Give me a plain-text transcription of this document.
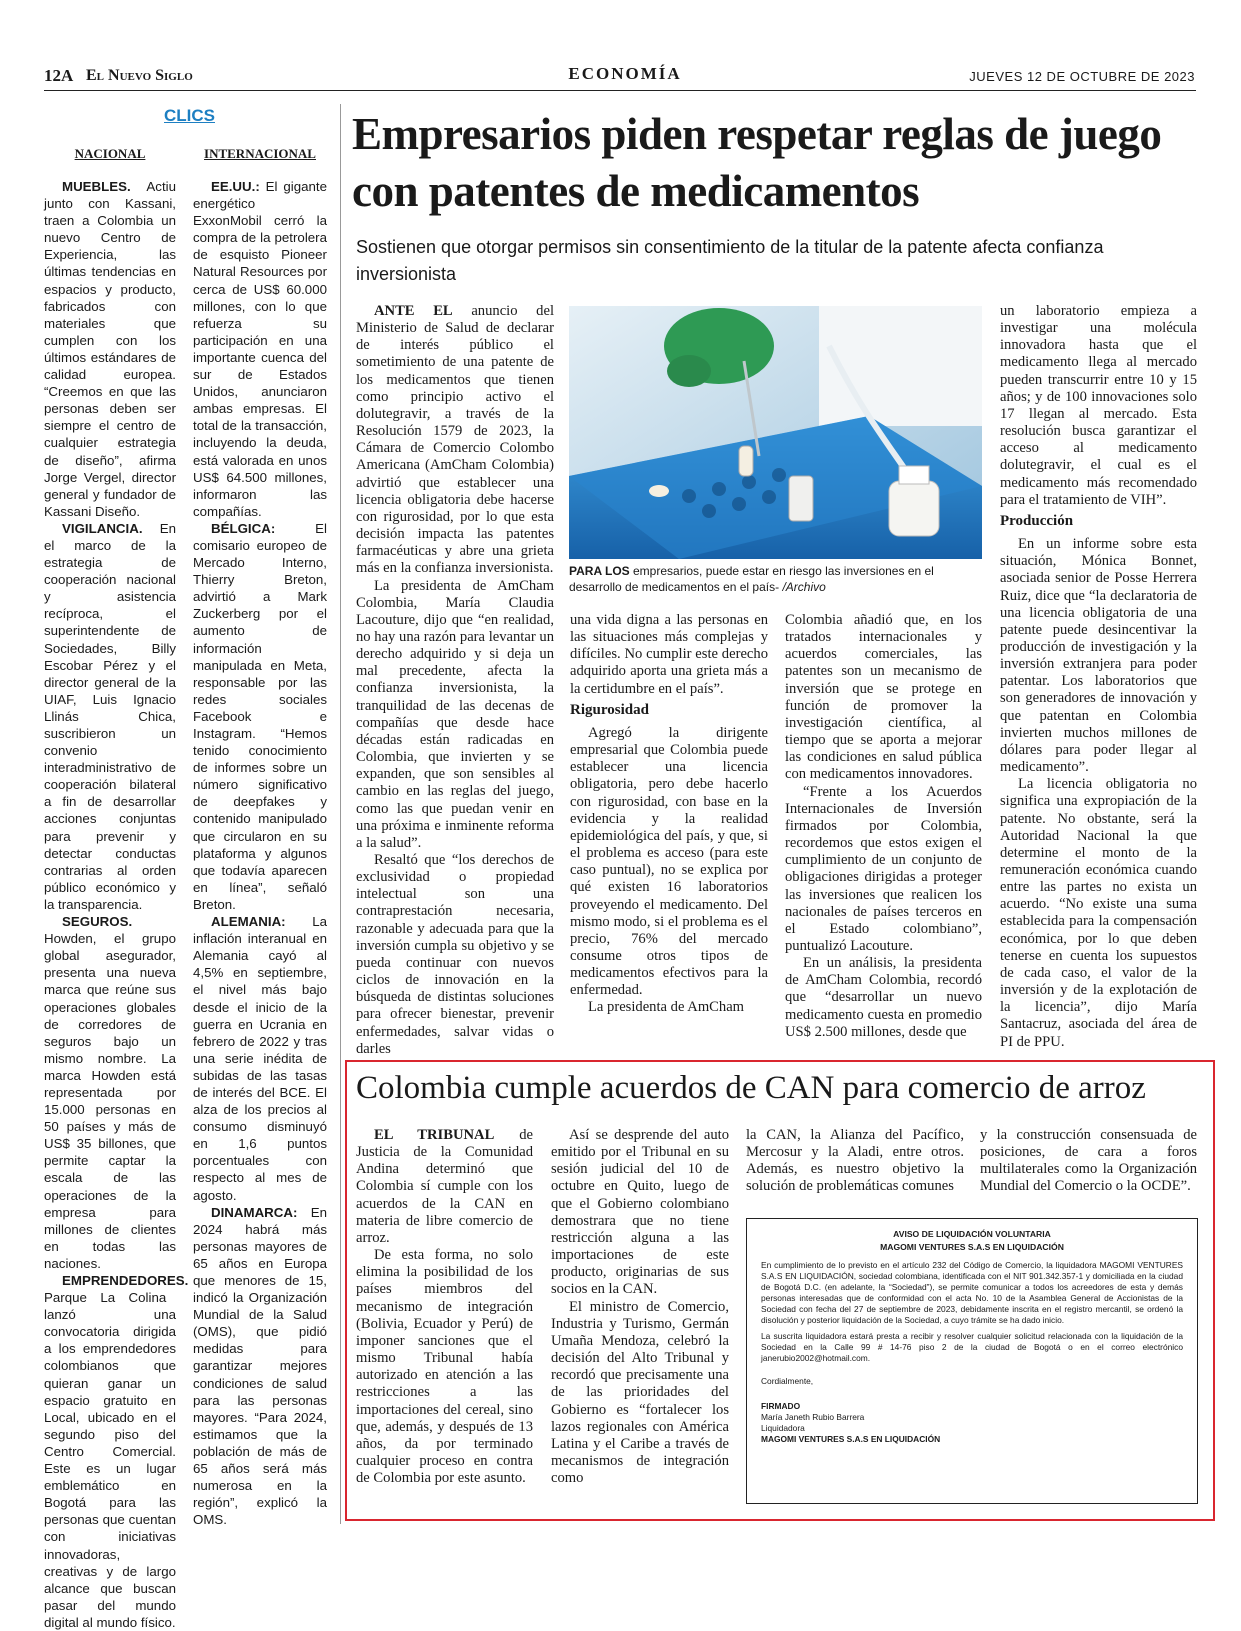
12A El Nuevo Siglo	ECONOMÍA	JUEVES 12 DE OCTUBRE DE 2023
CLICS
NACIONAL	INTERNACIONAL

MUEBLES. Actiu junto con Kassani, traen a Colombia un nuevo Centro de Experiencia, las últimas tendencias en espacios y producto, fabricados con materiales que cumplen con los últimos estándares de calidad europea. “Creemos en que las personas deben ser siempre el centro de cualquier estrategia de diseño”, afirma Jorge Vergel, director general y fundador de Kassani Diseño.

VIGILANCIA. En el marco de la estrategia de cooperación nacional y asistencia recíproca, el superintendente de Sociedades, Billy Escobar Pérez y el director general de la UIAF, Luis Ignacio Llinás Chica, suscribieron un convenio interadministrativo de cooperación bilateral a fin de desarrollar acciones conjuntas para prevenir y detectar conductas contrarias al orden público económico y la transparencia.

SEGUROS. Howden, el grupo global asegurador, presenta una nueva marca que reúne sus operaciones globales de corredores de seguros bajo un mismo nombre. La marca Howden está representada por 15.000 personas en 50 países y más de US$ 35 billones, que permite captar la escala de las operaciones de la empresa para millones de clientes en todas las naciones.

EMPRENDEDORES. Parque La Colina lanzó una convocatoria dirigida a los emprendedores colombianos que quieran ganar un espacio gratuito en Local, ubicado en el segundo piso del Centro Comercial. Este es un lugar emblemático en Bogotá para las personas que cuentan con iniciativas innovadoras, creativas y de largo alcance que buscan pasar del mundo digital al mundo físico.

EE.UU.: El gigante energético ExxonMobil cerró la compra de la petrolera de esquisto Pioneer Natural Resources por cerca de US$ 60.000 millones, con lo que refuerza su participación en una importante cuenca del sur de Estados Unidos, anunciaron ambas empresas. El total de la transacción, incluyendo la deuda, está valorada en unos US$ 64.500 millones, informaron las compañías.

BÉLGICA: El comisario europeo de Mercado Interno, Thierry Breton, advirtió a Mark Zuckerberg por el aumento de información manipulada en Meta, responsable por las redes sociales Facebook e Instagram. “Hemos tenido conocimiento de informes sobre un número significativo de deepfakes y contenido manipulado que circularon en su plataforma y algunos que todavía aparecen en línea”, señaló Breton.

ALEMANIA: La inflación interanual en Alemania cayó al 4,5% en septiembre, el nivel más bajo desde el inicio de la guerra en Ucrania en febrero de 2022 y tras una serie inédita de subidas de las tasas de interés del BCE. El alza de los precios al consumo disminuyó en 1,6 puntos porcentuales con respecto al mes de agosto.

DINAMARCA: En 2024 habrá más personas mayores de 65 años en Europa que menores de 15, indicó la Organización Mundial de la Salud (OMS), que pidió medidas para garantizar mejores condiciones de salud para las personas mayores. “Para 2024, estimamos que la población de más de 65 años será más numerosa en la región”, explicó la OMS.

Empresarios piden respetar reglas de juego con patentes de medicamentos
Sostienen que otorgar permisos sin consentimiento de la titular de la patente afecta confianza inversionista

ANTE EL anuncio del Ministerio de Salud de declarar de interés público el sometimiento de una patente de los medicamentos que tienen como principio activo el dolutegravir, a través de la Resolución 1579 de 2023, la Cámara de Comercio Colombo Americana (AmCham Colombia) advirtió que establecer una licencia obligatoria debe hacerse con rigurosidad, por lo que esta decisión impacta las patentes farmacéuticas y abre una grieta más en la confianza inversionista.

La presidenta de AmCham Colombia, María Claudia Lacouture, dijo que “en realidad, no hay una razón para levantar un derecho adquirido y si deja un mal precedente, afecta la confianza inversionista, la tranquilidad de las decenas de compañías que desde hace décadas están radicadas en Colombia, que invierten y se expanden, que son sensibles al cambio en las reglas del juego, como las que puedan venir en una próxima e inminente reforma a la salud”.

Resaltó que “los derechos de exclusividad o propiedad intelectual son una contraprestación necesaria, razonable y adecuada para que la inversión cumpla su objetivo y se pueda continuar con nuevos ciclos de innovación en la búsqueda de distintas soluciones para ofrecer bienestar, prevenir enfermedades, salvar vidas o darles

PARA LOS empresarios, puede estar en riesgo las inversiones en el desarrollo de medicamentos en el país- /Archivo

una vida digna a las personas en las situaciones más complejas y difíciles. No cumplir este derecho adquirido aporta una grieta más a la certidumbre en el país”.

Rigurosidad

Agregó la dirigente empresarial que Colombia puede establecer una licencia obligatoria, pero debe hacerlo con rigurosidad, con base en la evidencia y la realidad epidemiológica del país, y que, si el problema es acceso (para este caso puntual), no se explica por qué existen 16 laboratorios proveyendo el medicamento. Del mismo modo, si el problema es el precio, 76% del mercado consume otros tipos de medicamentos efectivos para la enfermedad.

La presidenta de AmCham

Colombia añadió que, en los tratados internacionales y acuerdos comerciales, las patentes son un mecanismo de inversión que se protege en función de promover la investigación científica, al tiempo que se aporta a mejorar las condiciones en salud pública con medicamentos innovadores.

“Frente a los Acuerdos Internacionales de Inversión firmados por Colombia, recordemos que estos exigen el cumplimiento de un conjunto de obligaciones dirigidas a proteger las inversiones que realicen los nacionales de países terceros en el Estado colombiano”, puntualizó Lacouture.

En un análisis, la presidenta de AmCham Colombia, recordó que “desarrollar un nuevo medicamento cuesta en promedio US$ 2.500 millones, desde que

un laboratorio empieza a investigar una molécula innovadora hasta que el medicamento llega al mercado pueden transcurrir entre 10 y 15 años; y de 100 innovaciones solo 17 llegan al mercado. Esta resolución busca garantizar el acceso al medicamento dolutegravir, el cual es el medicamento más recomendado para el tratamiento de VIH”.

Producción

En un informe sobre esta situación, Mónica Bonnet, asociada senior de Posse Herrera Ruiz, dice que “la declaratoria de una licencia obligatoria de una patente puede desincentivar la producción de investigación y la inversión extranjera para poder patentar. Los laboratorios que son generadores de innovación y que patentan en Colombia invierten muchos millones de dólares para poder llegar al medicamento”.

La licencia obligatoria no significa una expropiación de la patente. No obstante, será la Autoridad Nacional la que determine el monto de la remuneración económica cuando entre las partes no exista un acuerdo. “No existe una suma establecida para la compensación económica, por lo que deben tenerse en cuenta los supuestos de cada caso, el valor de la inversión y de la explotación de la licencia”, dijo María Santacruz, asociada del área de PI de PPU.

Colombia cumple acuerdos de CAN para comercio de arroz

EL TRIBUNAL de Justicia de la Comunidad Andina determinó que Colombia sí cumple con los acuerdos de la CAN en materia de libre comercio de arroz.

De esta forma, no solo elimina la posibilidad de los países miembros del mecanismo de integración (Bolivia, Ecuador y Perú) de imponer sanciones que el mismo Tribunal había autorizado en atención a las restricciones a las importaciones del cereal, sino que, además, y después de 13 años, da por terminado cualquier proceso en contra de Colombia por este asunto.

Así se desprende del auto emitido por el Tribunal en su sesión judicial del 10 de octubre en Quito, luego de que el Gobierno colombiano demostrara que no tiene restricción alguna a las importaciones de este producto, originarias de sus socios en la CAN.

El ministro de Comercio, Industria y Turismo, Germán Umaña Mendoza, celebró la decisión del Alto Tribunal y recordó que precisamente una de las prioridades del Gobierno es “fortalecer los lazos regionales con América Latina y el Caribe a través de mecanismos de integración como

la CAN, la Alianza del Pacífico, Mercosur y la Aladi, entre otros. Además, es nuestro objetivo la solución de problemáticas comunes

y la construcción consensuada de posiciones, de cara a foros multilaterales como la Organización Mundial del Comercio o la OCDE”.

AVISO DE LIQUIDACIÓN VOLUNTARIA
MAGOMI VENTURES S.A.S EN LIQUIDACIÓN

En cumplimiento de lo previsto en el artículo 232 del Código de Comercio, la liquidadora MAGOMI VENTURES S.A.S EN LIQUIDACIÓN, sociedad colombiana, identificada con el NIT 901.342.357-1 y domiciliada en la ciudad de Bogotá D.C. (en adelante, la “Sociedad”), se permite comunicar a todos los acreedores de esta y demás personas interesadas que de conformidad con el acta No. 10 de la Asamblea General de Accionistas de la Sociedad con fecha del 27 de septiembre de 2023, debidamente inscrita en el registro mercantil, se ordenó la disolución y posterior liquidación de la Sociedad, a cuyo trámite se ha dado inicio.

La suscrita liquidadora estará presta a recibir y resolver cualquier solicitud relacionada con la liquidación de la Sociedad en la Calle 99 # 14-76 piso 2 de la ciudad de Bogotá o en el correo electrónico janerubio2002@hotmail.com.

Cordialmente,

FIRMADO
María Janeth Rubio Barrera
Liquidadora
MAGOMI VENTURES S.A.S EN LIQUIDACIÓN
